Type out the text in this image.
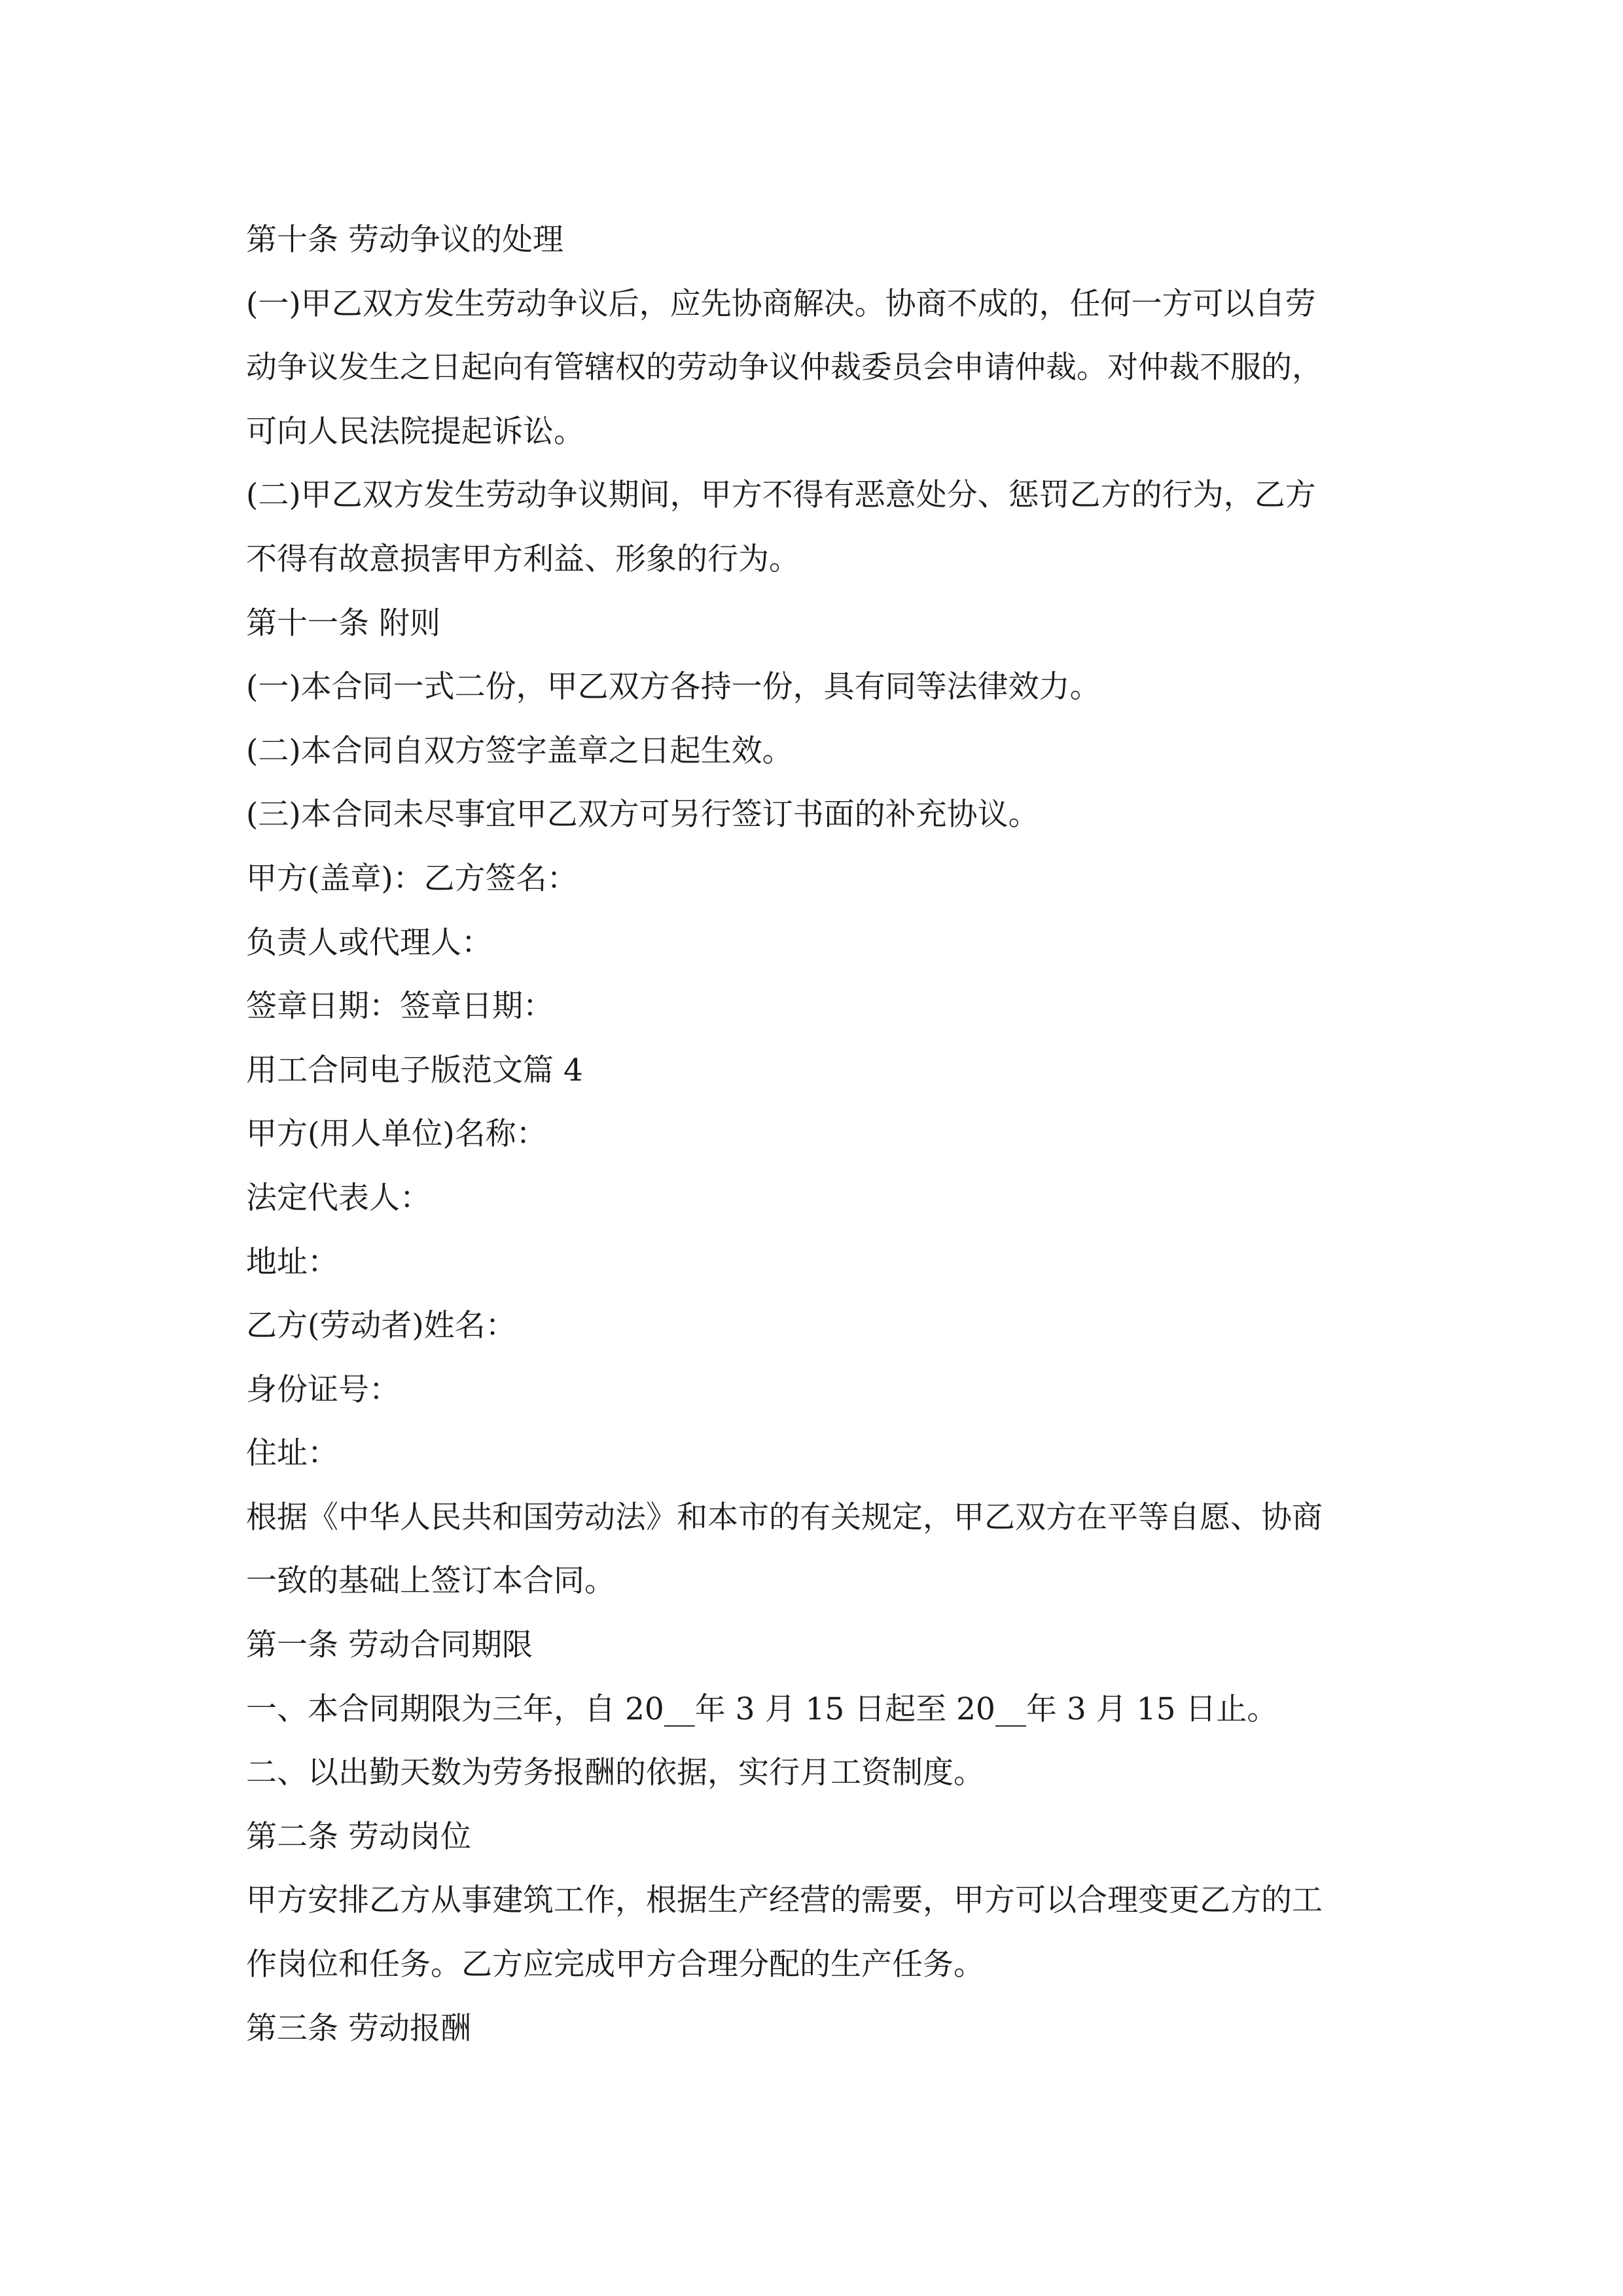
第十条 劳动争议的处理
(一)甲乙双方发生劳动争议后，应先协商解决。协商不成的，任何一方可以自劳
动争议发生之日起向有管辖权的劳动争议仲裁委员会申请仲裁。对仲裁不服的，
可向人民法院提起诉讼。
(二)甲乙双方发生劳动争议期间，甲方不得有恶意处分、惩罚乙方的行为，乙方
不得有故意损害甲方利益、形象的行为。
第十一条 附则
(一)本合同一式二份，甲乙双方各持一份，具有同等法律效力。
(二)本合同自双方签字盖章之日起生效。
(三)本合同未尽事宜甲乙双方可另行签订书面的补充协议。
甲方(盖章)：乙方签名：
负责人或代理人：
签章日期：签章日期：
用工合同电子版范文篇 4
甲方(用人单位)名称：
法定代表人：
地址：
乙方(劳动者)姓名：
身份证号：
住址：
根据《中华人民共和国劳动法》和本市的有关规定，甲乙双方在平等自愿、协商
一致的基础上签订本合同。
第一条 劳动合同期限
一、本合同期限为三年，自 20__年 3 月 15 日起至 20__年 3 月 15 日止。
二、以出勤天数为劳务报酬的依据，实行月工资制度。
第二条 劳动岗位
甲方安排乙方从事建筑工作，根据生产经营的需要，甲方可以合理变更乙方的工
作岗位和任务。乙方应完成甲方合理分配的生产任务。
第三条 劳动报酬
